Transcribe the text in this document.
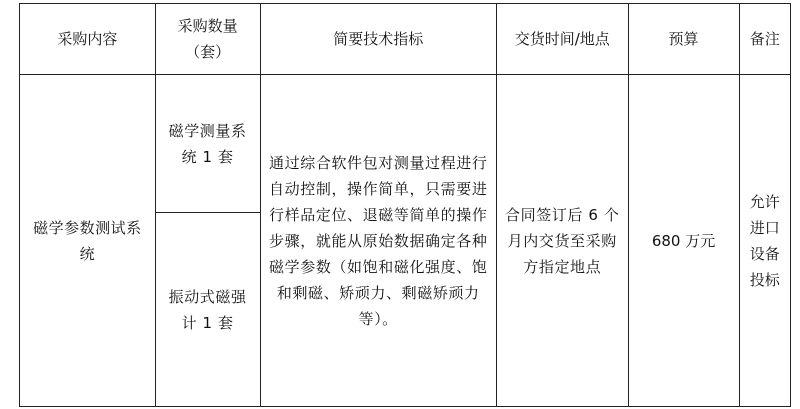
采购内容	采购数量（套）	简要技术指标	交货时间/地点	预算	备注
磁学参数测试系统	磁学测量系统 1 套	通过综合软件包对测量过程进行自动控制，操作简单，只需要进行样品定位、退磁等简单的操作步骤，就能从原始数据确定各种磁学参数（如饱和磁化强度、饱和剩磁、矫顽力、剩磁矫顽力等）。	合同签订后 6 个月内交货至采购方指定地点	680 万元	允许进口设备投标
	振动式磁强计 1 套				
